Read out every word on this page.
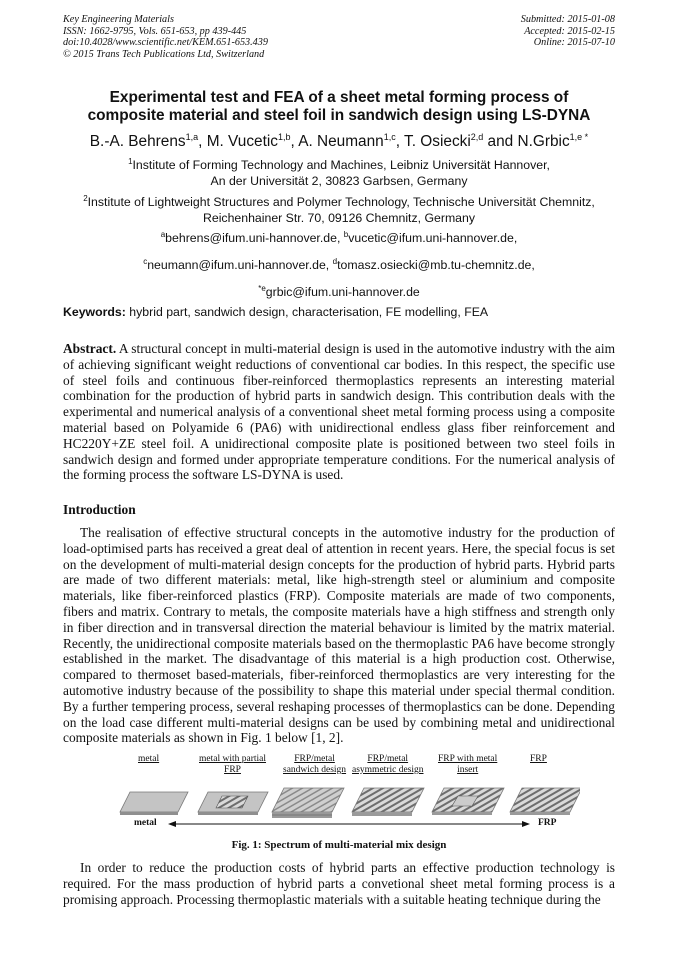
Key Engineering Materials
ISSN: 1662-9795, Vols. 651-653, pp 439-445
doi:10.4028/www.scientific.net/KEM.651-653.439
© 2015 Trans Tech Publications Ltd, Switzerland
Submitted: 2015-01-08
Accepted: 2015-02-15
Online: 2015-07-10
Experimental test and FEA of a sheet metal forming process of
composite material and steel foil in sandwich design using LS-DYNA
B.-A. Behrens$^{1,a}$, M. Vucetic$^{1,b}$, A. Neumann$^{1,c}$, T. Osiecki$^{2,d}$ and N.Grbic$^{1,e *}$
$^1$Institute of Forming Technology and Machines, Leibniz Universität Hannover,
An der Universität 2, 30823 Garbsen, Germany
$^2$Institute of Lightweight Structures and Polymer Technology, Technische Universität Chemnitz,
Reichenhainer Str. 70, 09126 Chemnitz, Germany
$^a$behrens@ifum.uni-hannover.de, $^b$vucetic@ifum.uni-hannover.de,
$^c$neumann@ifum.uni-hannover.de, $^d$tomasz.osiecki@mb.tu-chemnitz.de,
$^{*e}$grbic@ifum.uni-hannover.de
Keywords: hybrid part, sandwich design, characterisation, FE modelling, FEA
Abstract. A structural concept in multi-material design is used in the automotive industry with the aim of achieving significant weight reductions of conventional car bodies. In this respect, the specific use of steel foils and continuous fiber-reinforced thermoplastics represents an interesting material combination for the production of hybrid parts in sandwich design. This contribution deals with the experimental and numerical analysis of a conventional sheet metal forming process using a composite material based on Polyamide 6 (PA6) with unidirectional endless glass fiber reinforcement and HC220Y+ZE steel foil. A unidirectional composite plate is positioned between two steel foils in sandwich design and formed under appropriate temperature conditions. For the numerical analysis of the forming process the software LS-DYNA is used.
Introduction
The realisation of effective structural concepts in the automotive industry for the production of load-optimised parts has received a great deal of attention in recent years. Here, the special focus is set on the development of multi-material design concepts for the production of hybrid parts. Hybrid parts are made of two different materials: metal, like high-strength steel or aluminium and composite materials, like fiber-reinforced plastics (FRP). Composite materials are made of two components, fibers and matrix. Contrary to metals, the composite materials have a high stiffness and strength only in fiber direction and in transversal direction the material behaviour is limited by the matrix material. Recently, the unidirectional composite materials based on the thermoplastic PA6 have become strongly established in the market. The disadvantage of this material is a high production cost. Otherwise, compared to thermoset based-materials, fiber-reinforced thermoplastics are very interesting for the automotive industry because of the possibility to shape this material under special thermal condition. By a further tempering process, several reshaping processes of thermoplastics can be done. Depending on the load case different multi-material designs can be used by combining metal and unidirectional composite materials as shown in Fig. 1 below [1, 2].
metal	metal with partial
FRP
FRP/metal
sandwich design
FRP/metal
asymmetric design
FRP with metal
insert
FRP
metal	FRP
Fig. 1: Spectrum of multi-material mix design
In order to reduce the production costs of hybrid parts an effective production technology is required. For the mass production of hybrid parts a convetional sheet metal forming process is a promising approach. Processing thermoplastic materials with a suitable heating technique during the
